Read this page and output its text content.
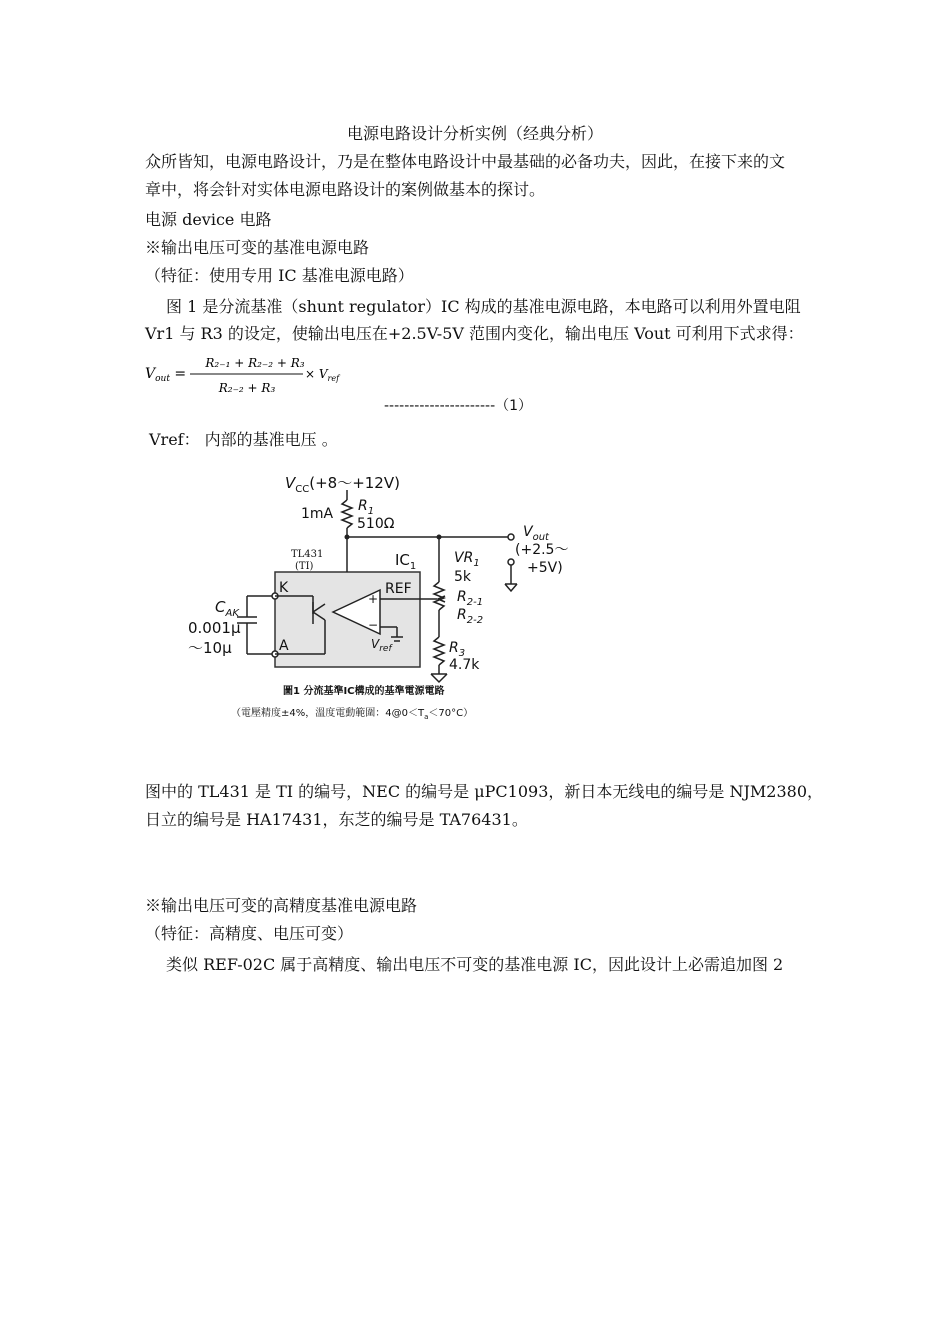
电源电路设计分析实例（经典分析）
众所皆知，电源电路设计，乃是在整体电路设计中最基础的必备功夫，因此，在接下来的文
章中，将会针对实体电源电路设计的案例做基本的探讨。
电源 device 电路
※输出电压可变的基准电源电路
（特征：使用专用 IC 基准电源电路）
图 1 是分流基准（shunt regulator）IC 构成的基准电源电路，本电路可以利用外置电阻
Vr1 与 R3 的设定，使输出电压在+2.5V-5V 范围内变化，输出电压 Vout 可利用下式求得：
$V_{out}$ =
R₂₋₁ + R₂₋₂ + R₃
R₂₋₂ + R₃
× $V_{ref}$
----------------------（1）
Vref： 内部的基准电压 。
$V_{CC}(+8\sim+12V)$
1mA $R_1$
510Ω
TL431
(TI)	$IC_1$
K
A
REF
+
−
$V_{ref}$
$C_{AK}$
0.001μ
～10μ
$VR_1$
5k
$R_{2-1}$
$R_{2-2}$
$R_3$
4.7k
$V_{out}$
(+2.5～
+5V)
圖1 分流基準IC構成的基準電源電路
（電壓精度±4%，溫度電動範圍：$4@0<T_a<70^\circ C$）
图中的 TL431 是 TI 的编号，NEC 的编号是 μPC1093，新日本无线电的编号是 NJM2380，
日立的编号是 HA17431，东芝的编号是 TA76431。
※输出电压可变的高精度基准电源电路
（特征：高精度、电压可变）
类似 REF-02C 属于高精度、输出电压不可变的基准电源 IC，因此设计上必需追加图 2
